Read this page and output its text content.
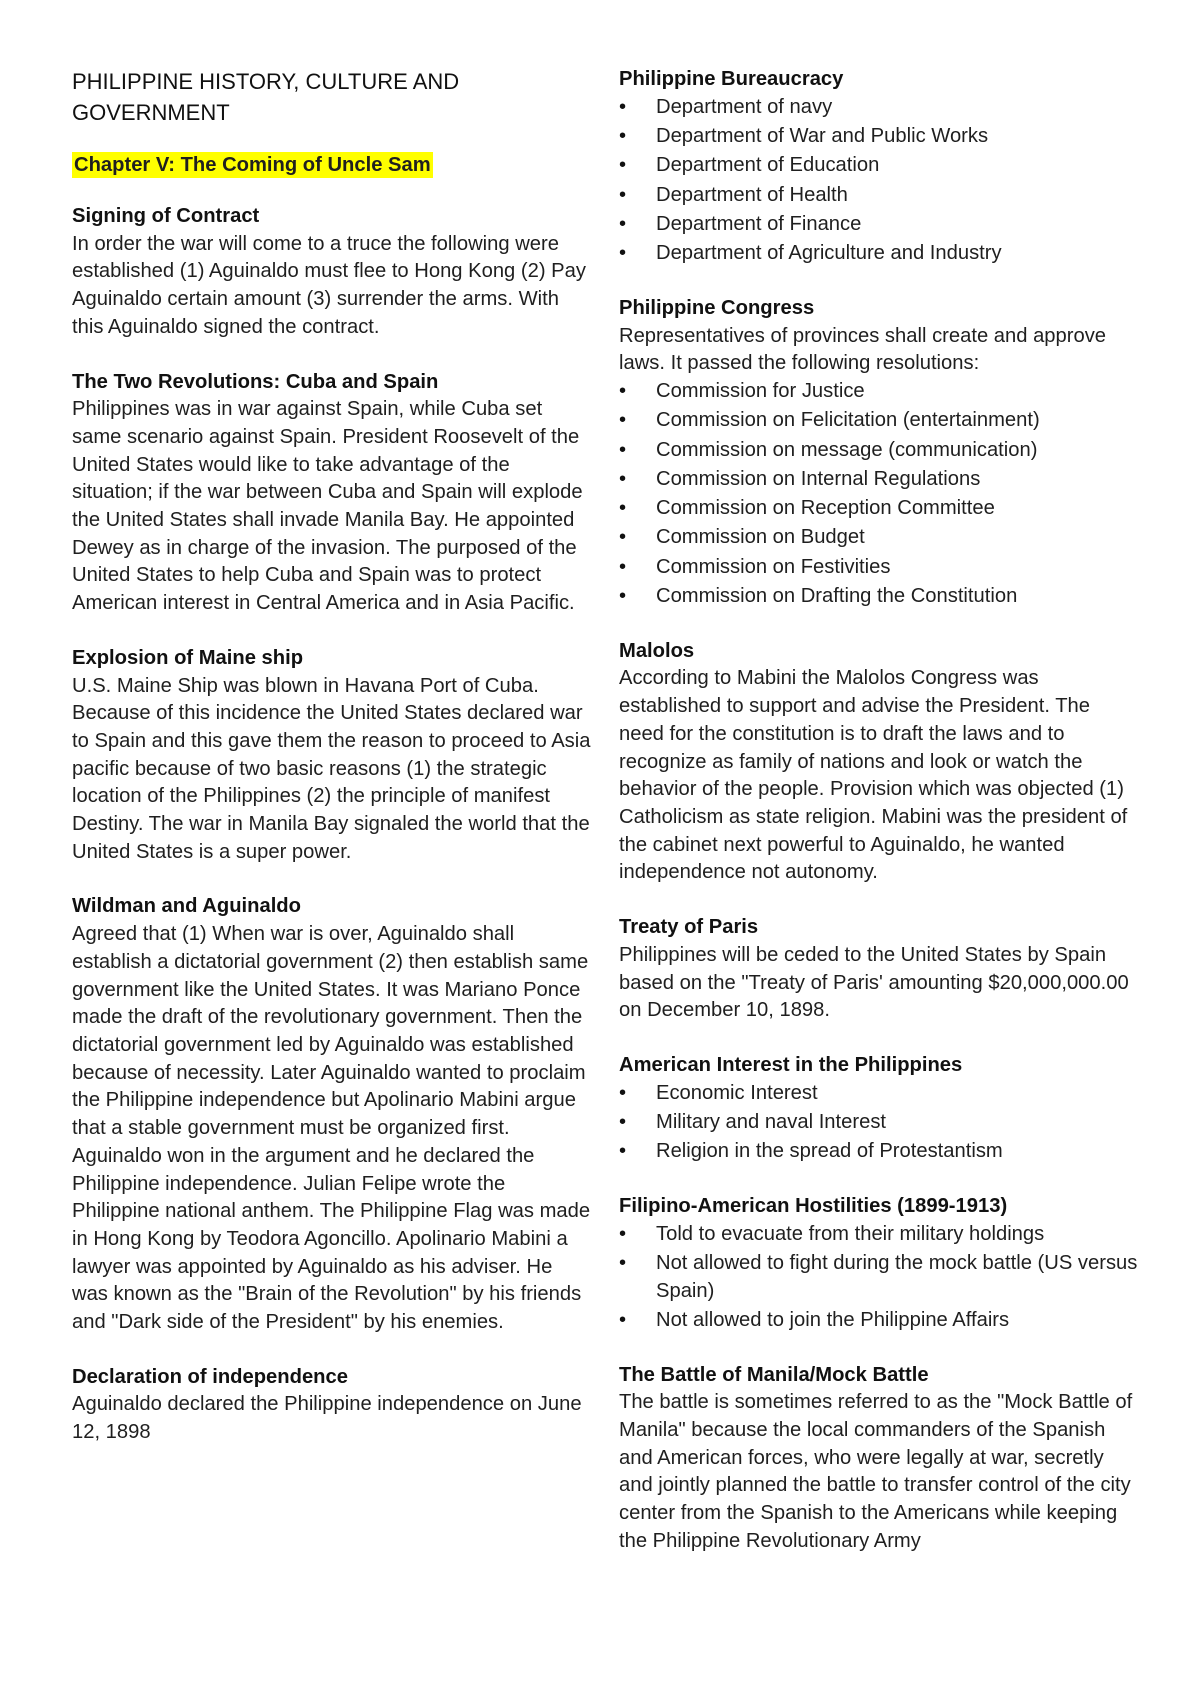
PHILIPPINE HISTORY, CULTURE AND GOVERNMENT
Chapter V: The Coming of Uncle Sam
Signing of Contract

In order the war will come to a truce the following were established (1) Aguinaldo must flee to Hong Kong (2) Pay Aguinaldo certain amount (3) surrender the arms. With this Aguinaldo signed the contract.

The Two Revolutions: Cuba and Spain

Philippines was in war against Spain, while Cuba set same scenario against Spain. President Roosevelt of the United States would like to take advantage of the situation; if the war between Cuba and Spain will explode the United States shall invade Manila Bay. He appointed Dewey as in charge of the invasion. The purposed of the United States to help Cuba and Spain was to protect American interest in Central America and in Asia Pacific.

Explosion of Maine ship

U.S. Maine Ship was blown in Havana Port of Cuba. Because of this incidence the United States declared war to Spain and this gave them the reason to proceed to Asia pacific because of two basic reasons (1) the strategic location of the Philippines (2) the principle of manifest Destiny. The war in Manila Bay signaled the world that the United States is a super power.

Wildman and Aguinaldo

Agreed that (1) When war is over, Aguinaldo shall establish a dictatorial government (2) then establish same government like the United States. It was Mariano Ponce made the draft of the revolutionary government. Then the dictatorial government led by Aguinaldo was established because of necessity. Later Aguinaldo wanted to proclaim the Philippine independence but Apolinario Mabini argue that a stable government must be organized first. Aguinaldo won in the argument and he declared the Philippine independence. Julian Felipe wrote the Philippine national anthem. The Philippine Flag was made in Hong Kong by Teodora Agoncillo. Apolinario Mabini a lawyer was appointed by Aguinaldo as his adviser. He was known as the "Brain of the Revolution" by his friends and "Dark side of the President" by his enemies.

Declaration of independence

Aguinaldo declared the Philippine independence on June 12, 1898

Philippine Bureaucracy
• Department of navy
• Department of War and Public Works
• Department of Education
• Department of Health
• Department of Finance
• Department of Agriculture and Industry
Philippine Congress

Representatives of provinces shall create and approve laws. It passed the following resolutions:

• Commission for Justice
• Commission on Felicitation (entertainment)
• Commission on message (communication)
• Commission on Internal Regulations
• Commission on Reception Committee
• Commission on Budget
• Commission on Festivities
• Commission on Drafting the Constitution
Malolos

According to Mabini the Malolos Congress was established to support and advise the President. The need for the constitution is to draft the laws and to recognize as family of nations and look or watch the behavior of the people. Provision which was objected (1) Catholicism as state religion. Mabini was the president of the cabinet next powerful to Aguinaldo, he wanted independence not autonomy.

Treaty of Paris

Philippines will be ceded to the United States by Spain based on the "Treaty of Paris' amounting $20,000,000.00 on December 10, 1898.

American Interest in the Philippines
• Economic Interest
• Military and naval Interest
• Religion in the spread of Protestantism
Filipino-American Hostilities (1899-1913)
• Told to evacuate from their military holdings
• Not allowed to fight during the mock battle (US versus Spain)
• Not allowed to join the Philippine Affairs
The Battle of Manila/Mock Battle

The battle is sometimes referred to as the "Mock Battle of Manila" because the local commanders of the Spanish and American forces, who were legally at war, secretly and jointly planned the battle to transfer control of the city center from the Spanish to the Americans while keeping the Philippine Revolutionary Army
